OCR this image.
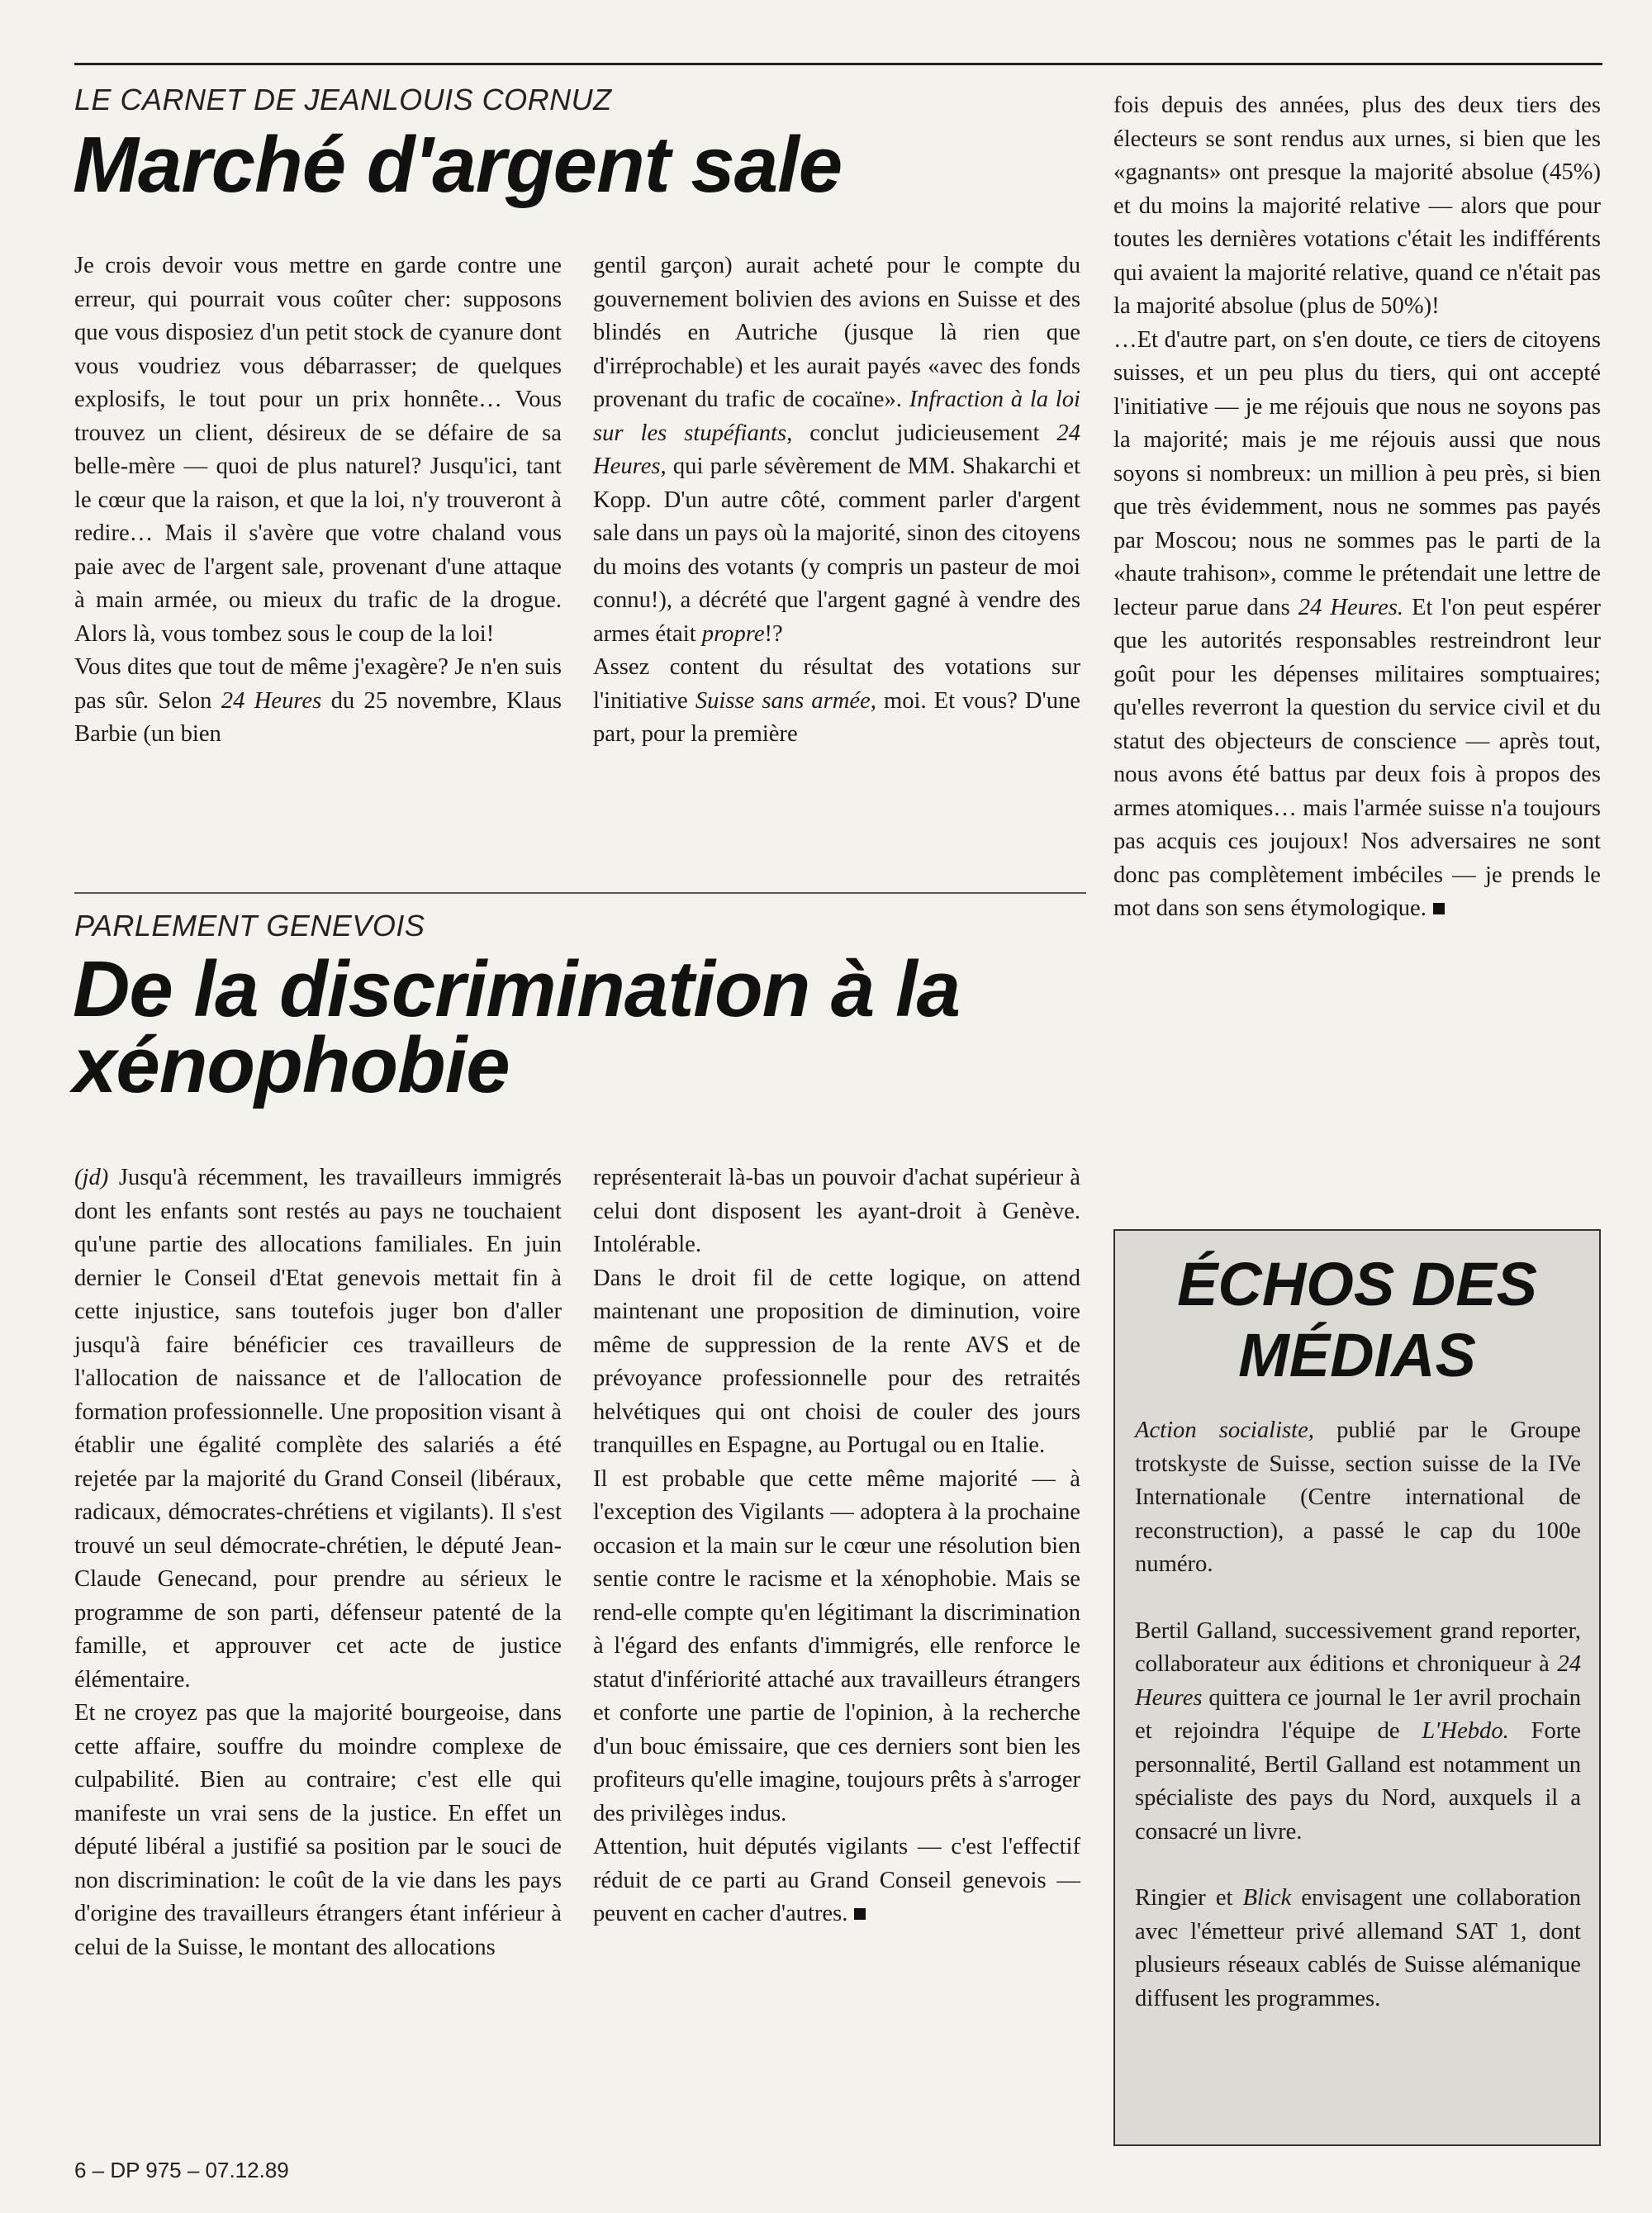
LE CARNET DE JEANLOUIS CORNUZ
Marché d'argent sale

Je crois devoir vous mettre en garde contre une erreur, qui pourrait vous coûter cher: supposons que vous disposiez d'un petit stock de cyanure dont vous voudriez vous débarrasser; de quelques explosifs, le tout pour un prix honnête… Vous trouvez un client, désireux de se défaire de sa belle-mère — quoi de plus naturel? Jusqu'ici, tant le cœur que la raison, et que la loi, n'y trouveront à redire… Mais il s'avère que votre chaland vous paie avec de l'argent sale, provenant d'une attaque à main armée, ou mieux du trafic de la drogue. Alors là, vous tombez sous le coup de la loi!

Vous dites que tout de même j'exagère? Je n'en suis pas sûr. Selon 24 Heures du 25 novembre, Klaus Barbie (un bien

gentil garçon) aurait acheté pour le compte du gouvernement bolivien des avions en Suisse et des blindés en Autriche (jusque là rien que d'irréprochable) et les aurait payés «avec des fonds provenant du trafic de cocaïne». Infraction à la loi sur les stupéfiants, conclut judicieusement 24 Heures, qui parle sévèrement de MM. Shakarchi et Kopp. D'un autre côté, comment parler d'argent sale dans un pays où la majorité, sinon des citoyens du moins des votants (y compris un pasteur de moi connu!), a décrété que l'argent gagné à vendre des armes était propre!?

Assez content du résultat des votations sur l'initiative Suisse sans armée, moi. Et vous? D'une part, pour la première

fois depuis des années, plus des deux tiers des électeurs se sont rendus aux urnes, si bien que les «gagnants» ont presque la majorité absolue (45%) et du moins la majorité relative — alors que pour toutes les dernières votations c'était les indifférents qui avaient la majorité relative, quand ce n'était pas la majorité absolue (plus de 50%)!

…Et d'autre part, on s'en doute, ce tiers de citoyens suisses, et un peu plus du tiers, qui ont accepté l'initiative — je me réjouis que nous ne soyons pas la majorité; mais je me réjouis aussi que nous soyons si nombreux: un million à peu près, si bien que très évidemment, nous ne sommes pas payés par Moscou; nous ne sommes pas le parti de la «haute trahison», comme le prétendait une lettre de lecteur parue dans 24 Heures. Et l'on peut espérer que les autorités responsables restreindront leur goût pour les dépenses militaires somptuaires; qu'elles reverront la question du service civil et du statut des objecteurs de conscience — après tout, nous avons été battus par deux fois à propos des armes atomiques… mais l'armée suisse n'a toujours pas acquis ces joujoux! Nos adversaires ne sont donc pas complètement imbéciles — je prends le mot dans son sens étymologique.

PARLEMENT GENEVOIS
De la discrimination à la
xénophobie

(jd) Jusqu'à récemment, les travailleurs immigrés dont les enfants sont restés au pays ne touchaient qu'une partie des allocations familiales. En juin dernier le Conseil d'Etat genevois mettait fin à cette injustice, sans toutefois juger bon d'aller jusqu'à faire bénéficier ces travailleurs de l'allocation de naissance et de l'allocation de formation professionnelle. Une proposition visant à établir une égalité complète des salariés a été rejetée par la majorité du Grand Conseil (libéraux, radicaux, démocrates-chrétiens et vigilants). Il s'est trouvé un seul démocrate-chrétien, le député Jean-Claude Genecand, pour prendre au sérieux le programme de son parti, défenseur patenté de la famille, et approuver cet acte de justice élémentaire.

Et ne croyez pas que la majorité bourgeoise, dans cette affaire, souffre du moindre complexe de culpabilité. Bien au contraire; c'est elle qui manifeste un vrai sens de la justice. En effet un député libéral a justifié sa position par le souci de non discrimination: le coût de la vie dans les pays d'origine des travailleurs étrangers étant inférieur à celui de la Suisse, le montant des allocations

représenterait là-bas un pouvoir d'achat supérieur à celui dont disposent les ayant-droit à Genève. Intolérable.

Dans le droit fil de cette logique, on attend maintenant une proposition de diminution, voire même de suppression de la rente AVS et de prévoyance professionnelle pour des retraités helvétiques qui ont choisi de couler des jours tranquilles en Espagne, au Portugal ou en Italie.

Il est probable que cette même majorité — à l'exception des Vigilants — adoptera à la prochaine occasion et la main sur le cœur une résolution bien sentie contre le racisme et la xénophobie. Mais se rend-elle compte qu'en légitimant la discrimination à l'égard des enfants d'immigrés, elle renforce le statut d'infériorité attaché aux travailleurs étrangers et conforte une partie de l'opinion, à la recherche d'un bouc émissaire, que ces derniers sont bien les profiteurs qu'elle imagine, toujours prêts à s'arroger des privilèges indus.

Attention, huit députés vigilants — c'est l'effectif réduit de ce parti au Grand Conseil genevois — peuvent en cacher d'autres.

ÉCHOS DES
MÉDIAS

Action socialiste, publié par le Groupe trotskyste de Suisse, section suisse de la IVe Internationale (Centre international de reconstruction), a passé le cap du 100e numéro.

Bertil Galland, successivement grand reporter, collaborateur aux éditions et chroniqueur à 24 Heures quittera ce journal le 1er avril prochain et rejoindra l'équipe de L'Hebdo. Forte personnalité, Bertil Galland est notamment un spécialiste des pays du Nord, auxquels il a consacré un livre.

Ringier et Blick envisagent une collaboration avec l'émetteur privé allemand SAT 1, dont plusieurs réseaux cablés de Suisse alémanique diffusent les programmes.

6 – DP 975 – 07.12.89
